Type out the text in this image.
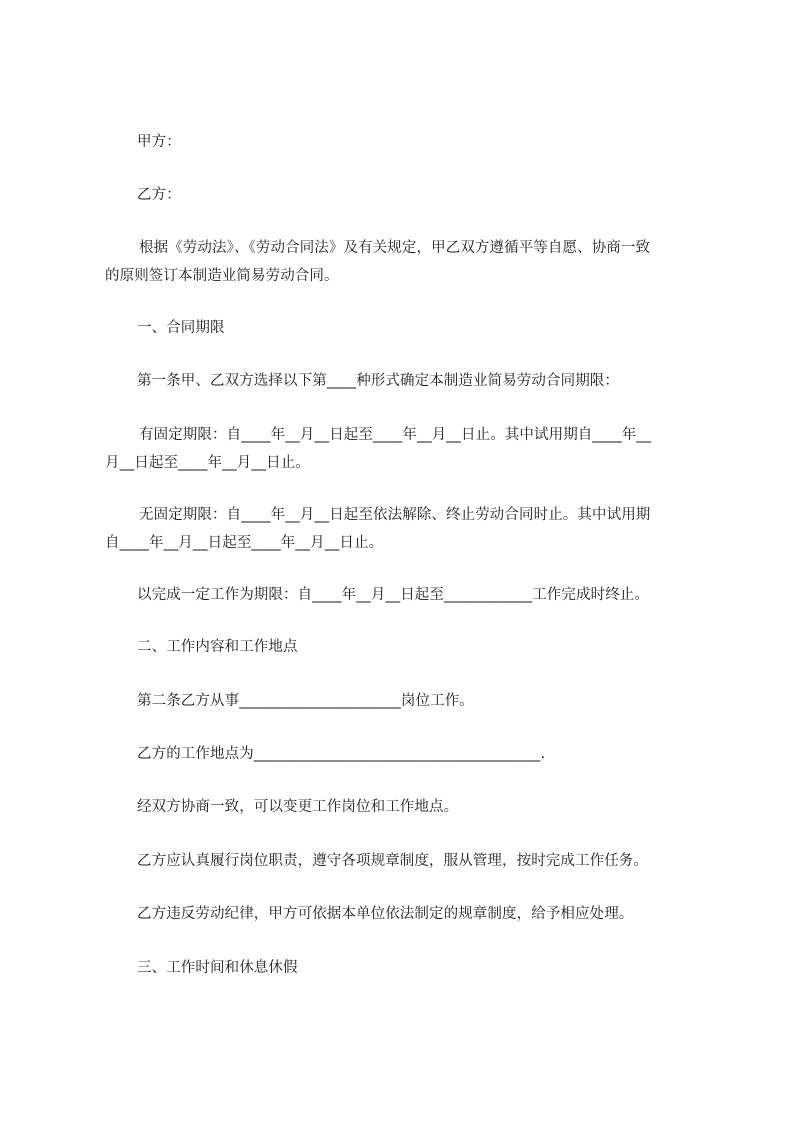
甲方：

乙方：

根据《劳动法》、《劳动合同法》及有关规定，甲乙双方遵循平等自愿、协商一致

的原则签订本制造业简易劳动合同。

一、合同期限

第一条甲、乙双方选择以下第____种形式确定本制造业简易劳动合同期限：

有固定期限：自____年__月__日起至____年__月__日止。其中试用期自____年__

月__日起至____年__月__日止。

无固定期限：自____年__月__日起至依法解除、终止劳动合同时止。其中试用期

自____年__月__日起至____年__月__日止。

以完成一定工作为期限：自____年__月__日起至____________工作完成时终止。

二、工作内容和工作地点

第二条乙方从事______________________岗位工作。

乙方的工作地点为_______________________________________.

经双方协商一致，可以变更工作岗位和工作地点。

乙方应认真履行岗位职责，遵守各项规章制度，服从管理，按时完成工作任务。

乙方违反劳动纪律，甲方可依据本单位依法制定的规章制度，给予相应处理。

三、工作时间和休息休假
